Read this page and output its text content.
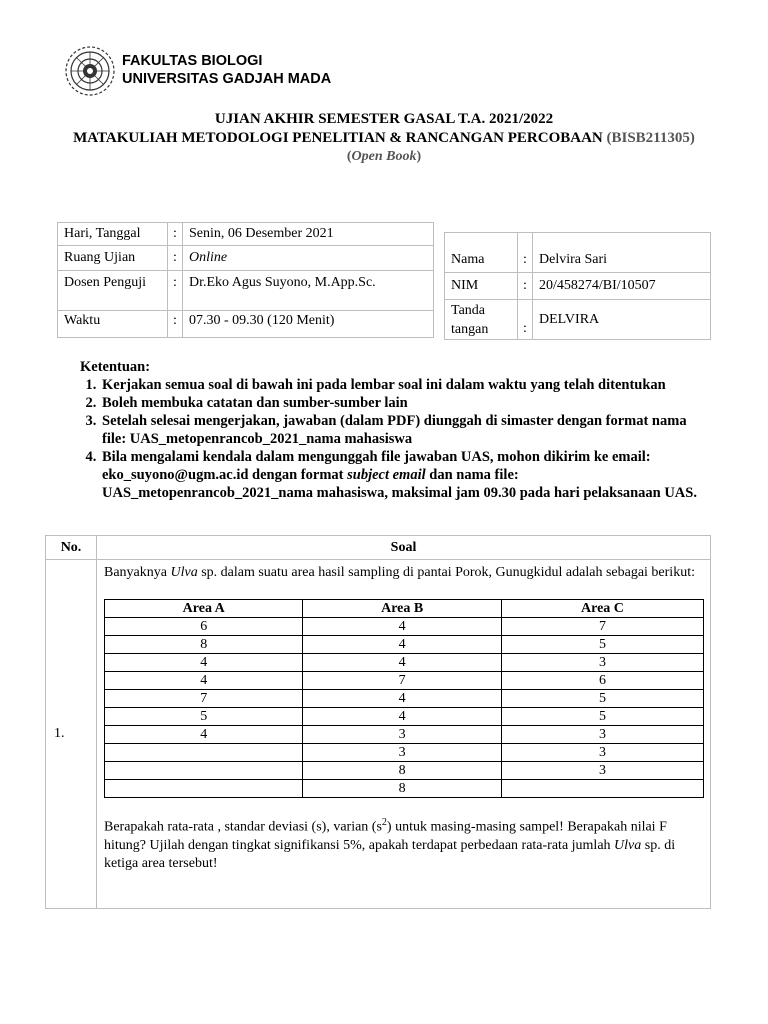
FAKULTAS BIOLOGI
UNIVERSITAS GADJAH MADA
UJIAN AKHIR SEMESTER GASAL T.A. 2021/2022
MATAKULIAH METODOLOGI PENELITIAN & RANCANGAN PERCOBAAN (BISB211305)
(Open Book)
Hari, Tanggal	:	Senin, 06 Desember 2021
Ruang Ujian	:	Online
Dosen Penguji	:	Dr.Eko Agus Suyono, M.App.Sc.
Waktu	:	07.30 - 09.30 (120 Menit)
Nama	:	Delvira Sari
NIM	:	20/458274/BI/10507
Tanda tangan	:	DELVIRA
Ketentuan:
1. Kerjakan semua soal di bawah ini pada lembar soal ini dalam waktu yang telah ditentukan
2. Boleh membuka catatan dan sumber-sumber lain
3. Setelah selesai mengerjakan, jawaban (dalam PDF) diunggah di simaster dengan format nama file: UAS_metopenrancob_2021_nama mahasiswa
4. Bila mengalami kendala dalam mengunggah file jawaban UAS, mohon dikirim ke email: eko_suyono@ugm.ac.id dengan format subject email dan nama file: UAS_metopenrancob_2021_nama mahasiswa, maksimal jam 09.30 pada hari pelaksanaan UAS.
No.	Soal
1.	
Banyaknya Ulva sp. dalam suatu area hasil sampling di pantai Porok, Gunugkidul adalah sebagai berikut:
Area A	Area B	Area C
6	4	7
8	4	5
4	4	3
4	7	6
7	4	5
5	4	5
4	3	3
	3	3
	8	3
	8	
Berapakah rata-rata , standar deviasi (s), varian $(s^2)$ untuk masing-masing sampel! Berapakah nilai F hitung? Ujilah dengan tingkat signifikansi 5%, apakah terdapat perbedaan rata-rata jumlah Ulva sp. di ketiga area tersebut!
